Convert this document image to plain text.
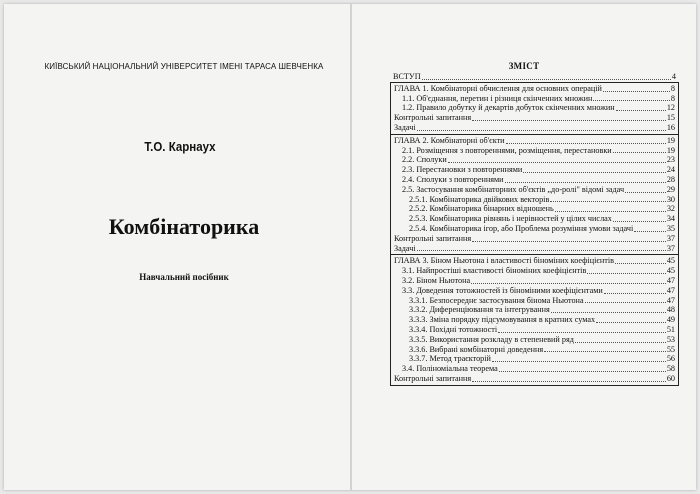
КИЇВСЬКИЙ НАЦІОНАЛЬНИЙ УНІВЕРСИТЕТ ІМЕНІ ТАРАСА ШЕВЧЕНКА
Т.О. Карнаух
Комбінаторика
Навчальний посібник
ЗМІСТ
ВСТУП	4
ГЛАВА 1. Комбінаторні обчислення для основних операцій	8
1.1. Об'єднання, перетин і різниця скінченних множин	8
1.2. Правило добутку й декартів добуток скінченних множин	12
Контрольні запитання	15
Задачі	16
ГЛАВА 2. Комбінаторні об'єкти	19
2.1. Розміщення з повтореннями, розміщення, перестановки	19
2.2. Сполуки	23
2.3. Перестановки з повтореннями	24
2.4. Сполуки з повтореннями	28
2.5. Застосування комбінаторних об'єктів „до-ролі" відомі задач	29
2.5.1. Комбінаторика двійкових векторів	30
2.5.2. Комбінаторика бінарних відношень	32
2.5.3. Комбінаторика рівнянь і нерівностей у цілих числах	34
2.5.4. Комбінаторика ігор, або Проблема розуміння умови задачі	35
Контрольні запитання	37
Задачі	37
ГЛАВА 3. Біном Ньютона і властивості біноміних коефіцієнтів	45
3.1. Найпростіші властивості біноміних коефіцієнтів	45
3.2. Біном Ньютона	47
3.3. Доведення тотожностей із біноміними коефіцієнтами	47
3.3.1. Безпосереднє застосування бінома Ньютона	47
3.3.2. Диференціювання та інтегрування	48
3.3.3. Зміна порядку підсумовування в кратних сумах	49
3.3.4. Похідні тотожності	51
3.3.5. Використання розкладу в степеневий ряд	53
3.3.6. Вибрані комбінаторні доведення	55
3.3.7. Метод траєкторій	56
3.4. Поліноміальна теорема	58
Контрольні запитання	60
